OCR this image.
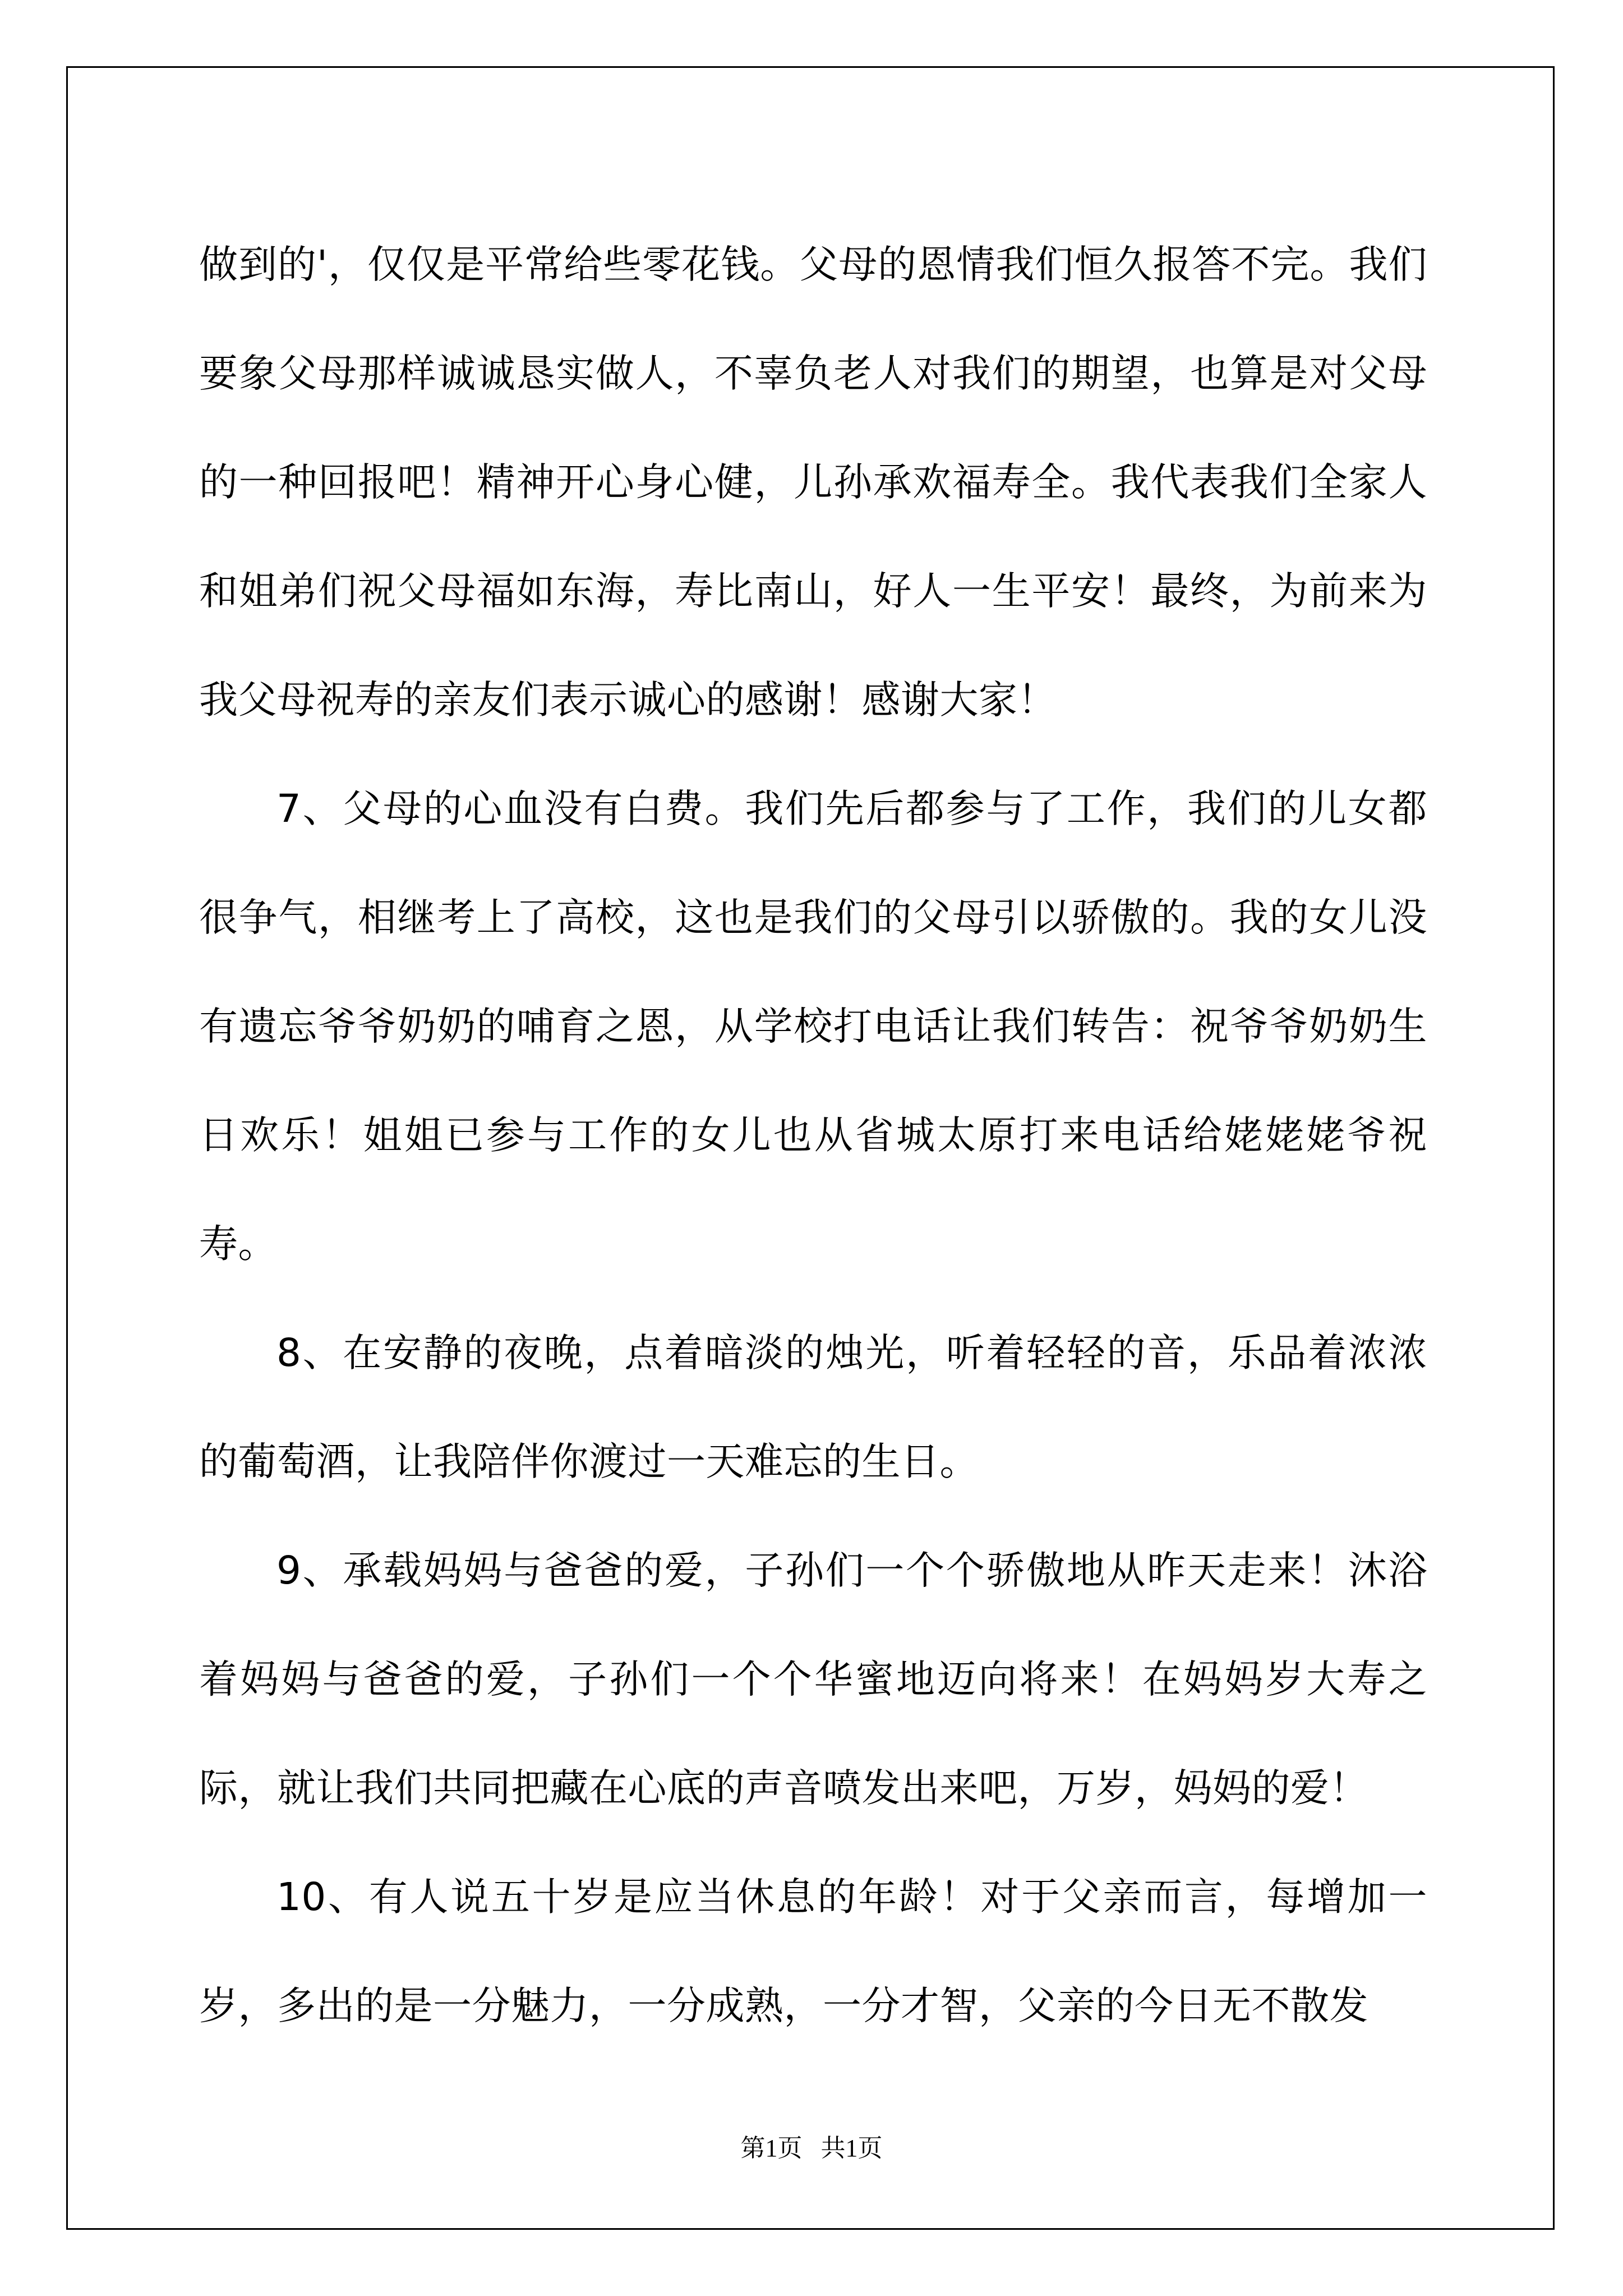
做到的'，仅仅是平常给些零花钱。父母的恩情我们恒久报答不完。我们要象父母那样诚诚恳实做人，不辜负老人对我们的期望，也算是对父母的一种回报吧！精神开心身心健，儿孙承欢福寿全。我代表我们全家人和姐弟们祝父母福如东海，寿比南山，好人一生平安！最终，为前来为我父母祝寿的亲友们表示诚心的感谢！感谢大家！

7、父母的心血没有白费。我们先后都参与了工作，我们的儿女都很争气，相继考上了高校，这也是我们的父母引以骄傲的。我的女儿没有遗忘爷爷奶奶的哺育之恩，从学校打电话让我们转告：祝爷爷奶奶生日欢乐！姐姐已参与工作的女儿也从省城太原打来电话给姥姥姥爷祝寿。

8、在安静的夜晚，点着暗淡的烛光，听着轻轻的音，乐品着浓浓的葡萄酒，让我陪伴你渡过一天难忘的生日。

9、承载妈妈与爸爸的爱，子孙们一个个骄傲地从昨天走来！沐浴着妈妈与爸爸的爱，子孙们一个个华蜜地迈向将来！在妈妈岁大寿之际，就让我们共同把藏在心底的声音喷发出来吧，万岁，妈妈的爱！

10、有人说五十岁是应当休息的年龄！对于父亲而言，每增加一岁，多出的是一分魅力，一分成熟，一分才智，父亲的今日无不散发

第1页   共1页
